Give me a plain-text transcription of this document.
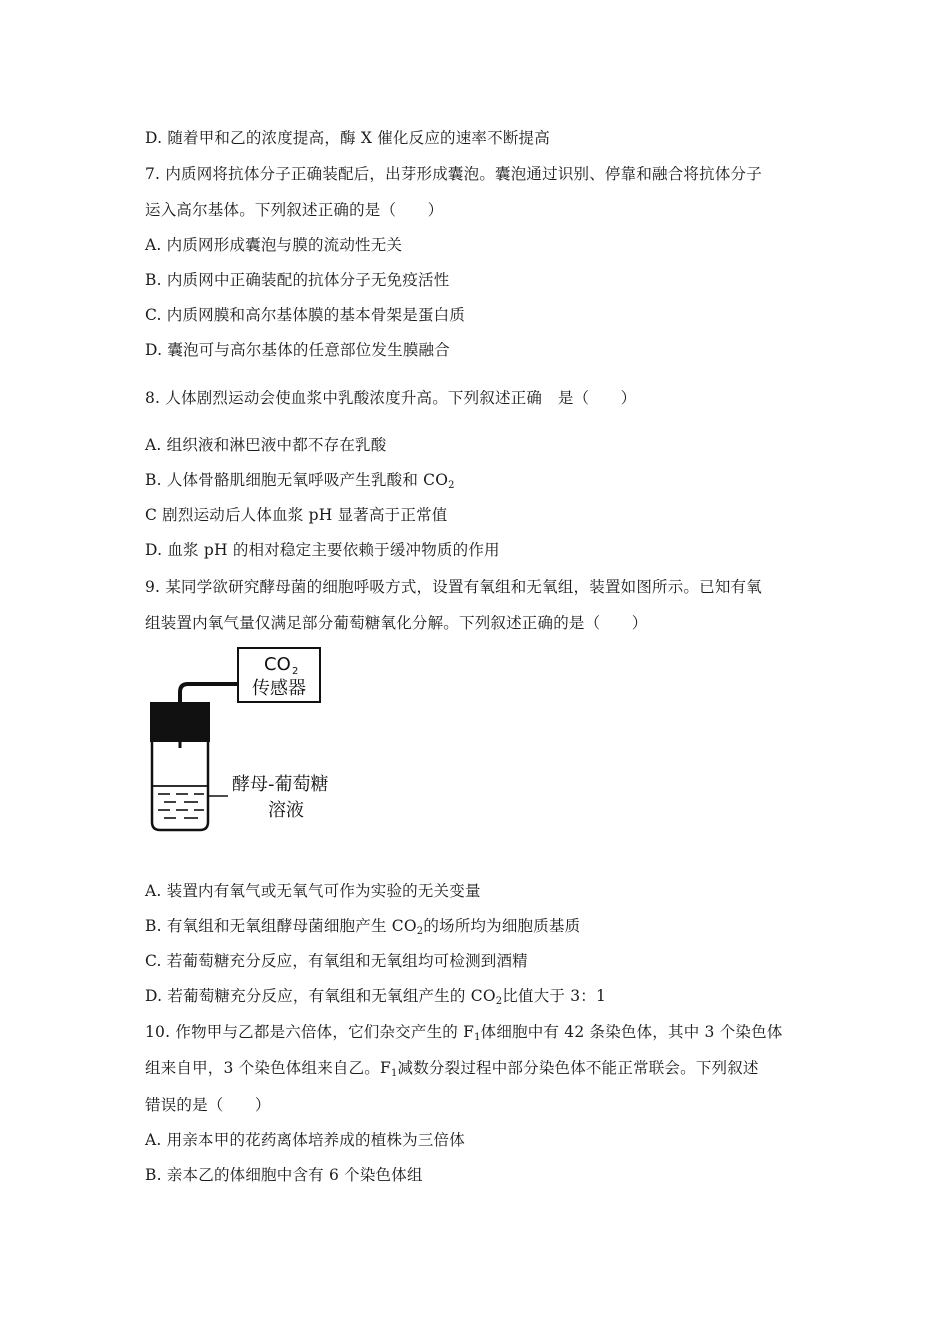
D. 随着甲和乙的浓度提高，酶 X 催化反应的速率不断提高
7. 内质网将抗体分子正确装配后，出芽形成囊泡。囊泡通过识别、停靠和融合将抗体分子
运入高尔基体。下列叙述正确的是（　　）
A. 内质网形成囊泡与膜的流动性无关
B. 内质网中正确装配的抗体分子无免疫活性
C. 内质网膜和高尔基体膜的基本骨架是蛋白质
D. 囊泡可与高尔基体的任意部位发生膜融合
8. 人体剧烈运动会使血浆中乳酸浓度升高。下列叙述正确　是（　　）
A. 组织液和淋巴液中都不存在乳酸
B. 人体骨骼肌细胞无氧呼吸产生乳酸和 $CO_2$
C 剧烈运动后人体血浆 pH 显著高于正常值
D. 血浆 pH 的相对稳定主要依赖于缓冲物质的作用
9. 某同学欲研究酵母菌的细胞呼吸方式，设置有氧组和无氧组，装置如图所示。已知有氧
组装置内氧气量仅满足部分葡萄糖氧化分解。下列叙述正确的是（　　）
CO 2
传感器
酵母-葡萄糖
溶液
A. 装置内有氧气或无氧气可作为实验的无关变量
B. 有氧组和无氧组酵母菌细胞产生 $CO_2$的场所均为细胞质基质
C. 若葡萄糖充分反应，有氧组和无氧组均可检测到酒精
D. 若葡萄糖充分反应，有氧组和无氧组产生的 $CO_2$比值大于 3：1
10. 作物甲与乙都是六倍体，它们杂交产生的 $F_1$体细胞中有 42 条染色体，其中 3 个染色体
组来自甲，3 个染色体组来自乙。$F_1$减数分裂过程中部分染色体不能正常联会。下列叙述
错误的是（　　）
A. 用亲本甲的花药离体培养成的植株为三倍体
B. 亲本乙的体细胞中含有 6 个染色体组
